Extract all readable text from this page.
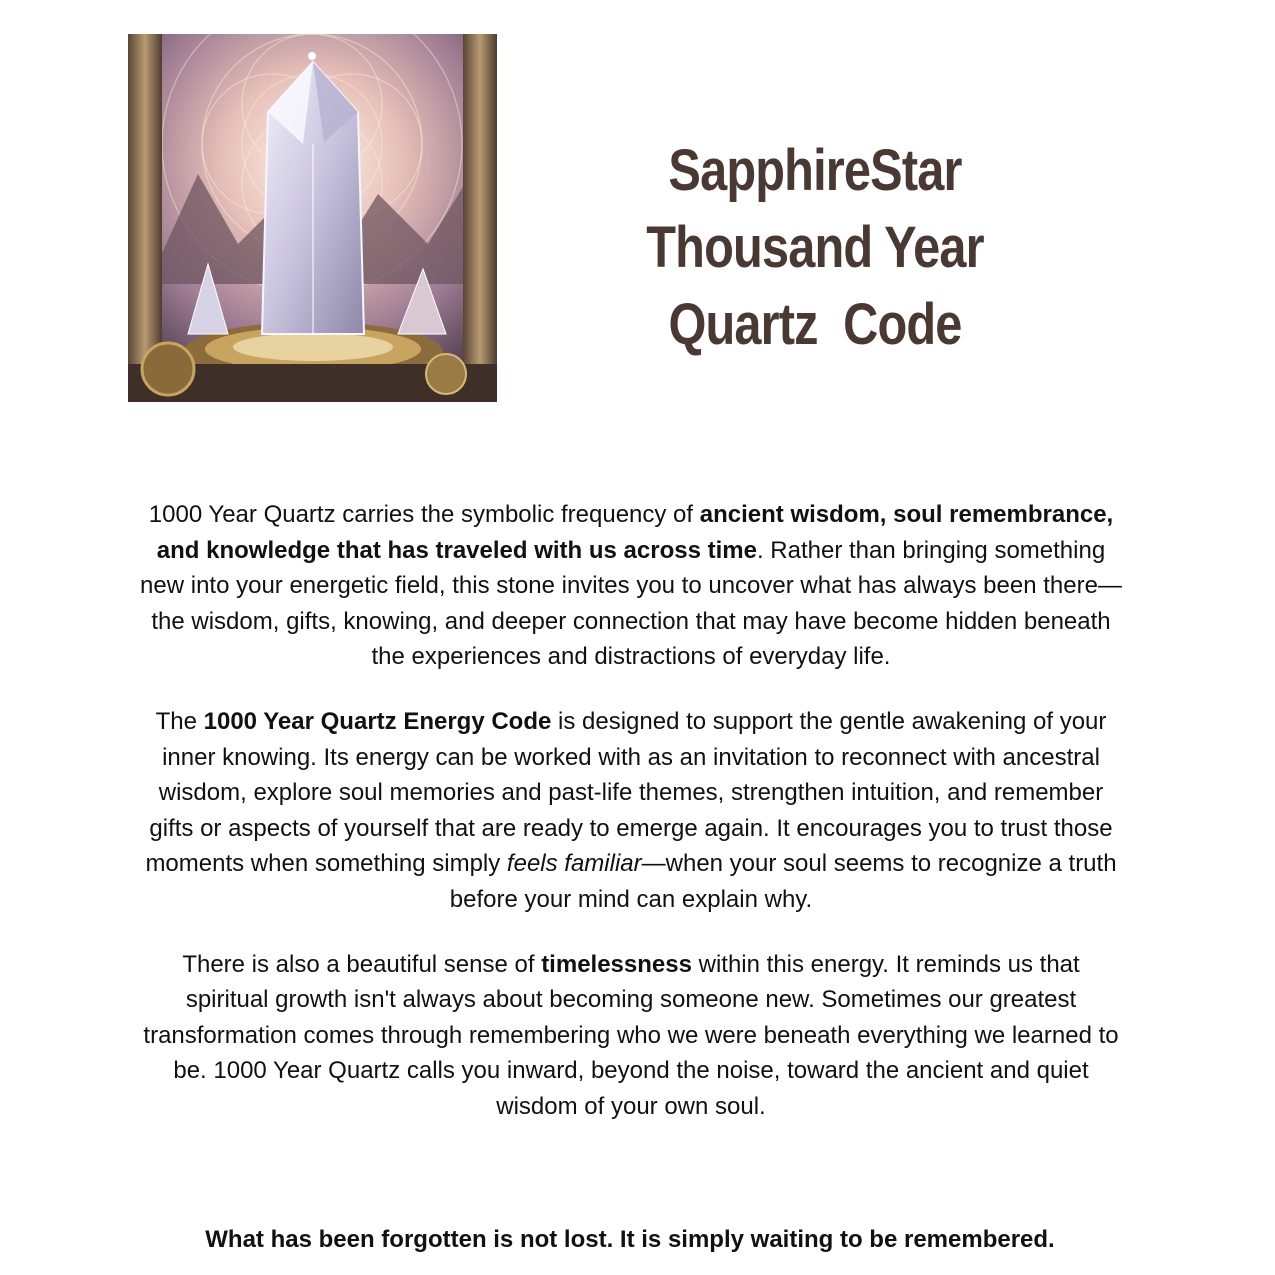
SapphireStar
Thousand Year
Quartz  Code

1000 Year Quartz carries the symbolic frequency of ancient wisdom, soul remembrance, and knowledge that has traveled with us across time. Rather than bringing something new into your energetic field, this stone invites you to uncover what has always been there—the wisdom, gifts, knowing, and deeper connection that may have become hidden beneath the experiences and distractions of everyday life.

The 1000 Year Quartz Energy Code is designed to support the gentle awakening of your inner knowing. Its energy can be worked with as an invitation to reconnect with ancestral wisdom, explore soul memories and past-life themes, strengthen intuition, and remember gifts or aspects of yourself that are ready to emerge again. It encourages you to trust those moments when something simply feels familiar—when your soul seems to recognize a truth before your mind can explain why.

There is also a beautiful sense of timelessness within this energy. It reminds us that spiritual growth isn't always about becoming someone new. Sometimes our greatest transformation comes through remembering who we were beneath everything we learned to be. 1000 Year Quartz calls you inward, beyond the noise, toward the ancient and quiet wisdom of your own soul.

What has been forgotten is not lost. It is simply waiting to be remembered.
